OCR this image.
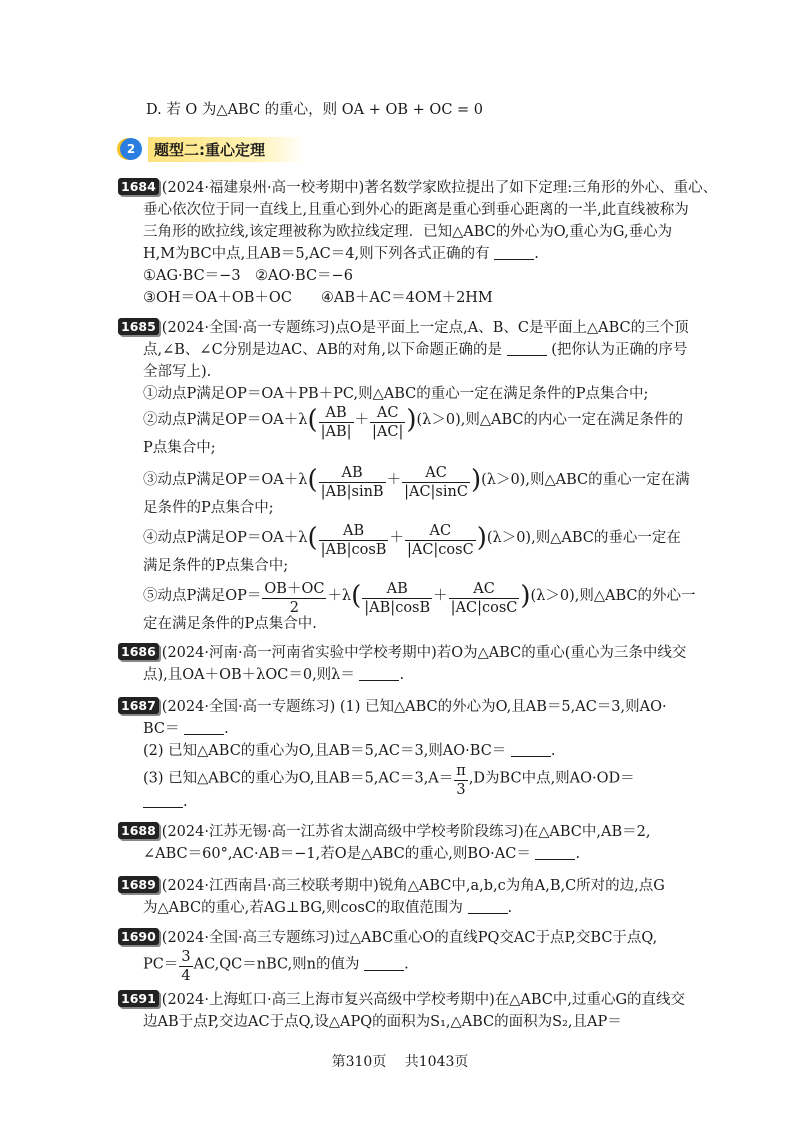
D. 若 O 为△ABC 的重心，则 OA + OB + OC = 0
2	题型二:重心定理
1684 (2024·福建泉州·高一校考期中)著名数学家欧拉提出了如下定理:三角形的外心、重心、
垂心依次位于同一直线上,且重心到外心的距离是重心到垂心距离的一半,此直线被称为
三角形的欧拉线,该定理被称为欧拉线定理．已知△ABC的外心为O,重心为G,垂心为
H,M为BC中点,且AB＝5,AC＝4,则下列各式正确的有	.
①AG·BC＝−3　②AO·BC＝−6
③OH＝OA＋OB＋OC　　④AB＋AC＝4OM＋2HM
1685 (2024·全国·高一专题练习)点O是平面上一定点,A、B、C是平面上△ABC的三个顶
点,∠B、∠C分别是边AC、AB的对角,以下命题正确的是	(把你认为正确的序号
全部写上).
①动点P满足OP＝OA＋PB＋PC,则△ABC的重心一定在满足条件的P点集合中;
②动点P满足$OP=OA+\lambda( \frac{AB}{|AB|} + \frac{AC}{|AC|} )(\lambda>0)$,则△ABC的内心一定在满足条件的
P点集合中;
③动点P满足$OP=OA+\lambda( \frac{AB}{|AB|\sin B} + \frac{AC}{|AC|\sin C} )(\lambda>0)$,则△ABC的重心一定在满
足条件的P点集合中;
④动点P满足$OP=OA+\lambda( \frac{AB}{|AB|\cos B} + \frac{AC}{|AC|\cos C} )(\lambda>0)$,则△ABC的垂心一定在
满足条件的P点集合中;
⑤动点P满足$OP= \frac{OB+OC}{2} +\lambda( \frac{AB}{|AB|\cos B} + \frac{AC}{|AC|\cos C} )(\lambda>0)$,则△ABC的外心一
定在满足条件的P点集合中.
1686 (2024·河南·高一河南省实验中学校考期中)若O为△ABC的重心(重心为三条中线交
点),且OA＋OB＋λOC＝0,则λ＝	.
1687 (2024·全国·高一专题练习) (1) 已知△ABC的外心为O,且AB＝5,AC＝3,则AO·
BC＝	.
(2) 已知△ABC的重心为O,且AB＝5,AC＝3,则AO·BC＝	.
(3) 已知△ABC的重心为O,且$AB=5,AC=3,A= \frac{\pi}{3} ,D$为BC中点,则AO·OD＝
.
1688 (2024·江苏无锡·高一江苏省太湖高级中学校考阶段练习)在△ABC中,AB＝2,
∠ABC＝60°,AC·AB＝−1,若O是△ABC的重心,则BO·AC＝	.
1689 (2024·江西南昌·高三校联考期中)锐角△ABC中,a,b,c为角A,B,C所对的边,点G
为△ABC的重心,若AG⊥BG,则cosC的取值范围为	.
1690 (2024·全国·高三专题练习)过△ABC重心O的直线PQ交AC于点P,交BC于点Q,
$PC= \frac{3}{4} AC,QC=nBC$,则n的值为	.
1691 (2024·上海虹口·高三上海市复兴高级中学校考期中)在△ABC中,过重心G的直线交
边AB于点P,交边AC于点Q,设△APQ的面积为S₁,△ABC的面积为S₂,且AP＝
第310页　 共1043页
